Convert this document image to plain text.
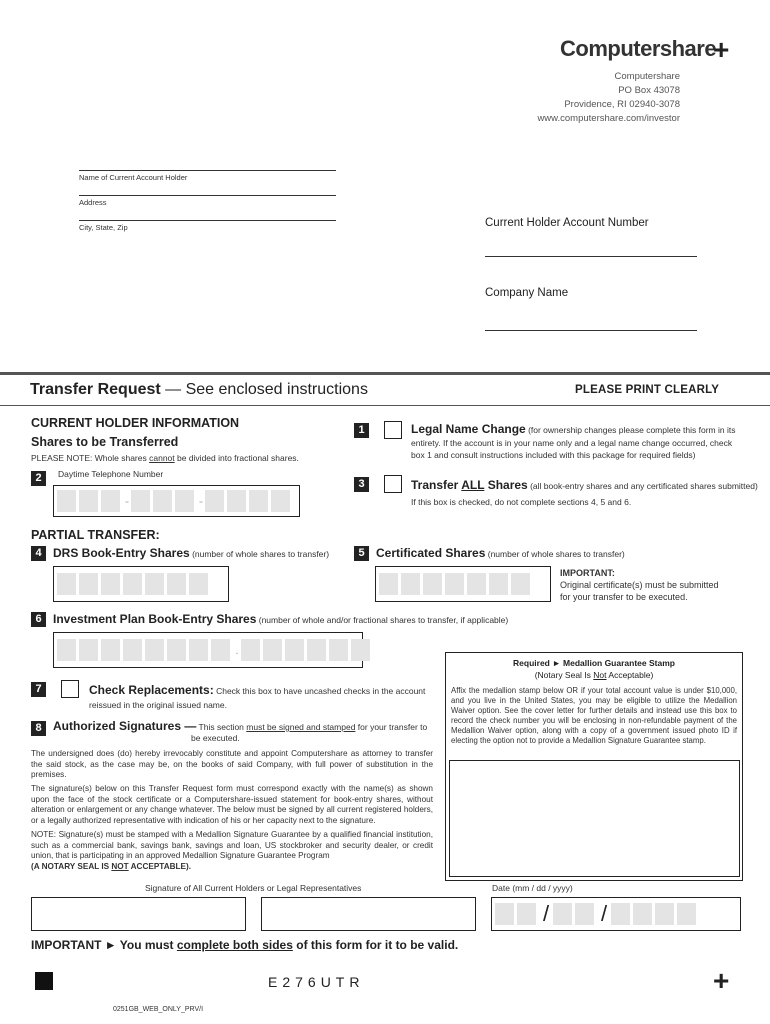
Computershare
+
Computershare
PO Box 43078
Providence, RI 02940-3078
www.computershare.com/investor
Name of Current Account Holder
Address
City, State, Zip	Current Holder Account Number
Company Name
Transfer Request — See enclosed instructions	PLEASE PRINT CLEARLY
CURRENT HOLDER INFORMATION
Shares to be Transferred
PLEASE NOTE: Whole shares cannot be divided into fractional shares.
2	Daytime Telephone Number
-	-
1	Legal Name Change (for ownership changes please complete this form in its
entirety. If the account is in your name only and a legal name change occurred, check
box 1 and consult instructions included with this package for required fields)
3	Transfer ALL Shares (all book-entry shares and any certificated shares submitted)
If this box is checked, do not complete sections 4, 5 and 6.
PARTIAL TRANSFER:
4 DRS Book-Entry Shares (number of whole shares to transfer)	5 Certificated Shares (number of whole shares to transfer)
IMPORTANT:
Original certificate(s) must be submitted
for your transfer to be executed.
6 Investment Plan Book-Entry Shares (number of whole and/or fractional shares to transfer, if applicable)
.
7	Check Replacements: Check this box to have uncashed checks in the account
reissued in the original issued name.
8 Authorized Signatures — This section must be signed and stamped for your transfer to
be executed.
The undersigned does (do) hereby irrevocably constitute and appoint Computershare as attorney to transfer the said stock, as the case may be, on the books of said Company, with full power of substitution in the premises.
The signature(s) below on this Transfer Request form must correspond exactly with the name(s) as shown upon the face of the stock certificate or a Computershare-issued statement for book-entry shares, without alteration or enlargement or any change whatever. The below must be signed by all current registered holders, or a legally authorized representative with indication of his or her capacity next to the signature.
NOTE: Signature(s) must be stamped with a Medallion Signature Guarantee by a qualified financial institution, such as a commercial bank, savings bank, savings and loan, US stockbroker and security dealer, or credit union, that is participating in an approved Medallion Signature Guarantee Program
(A NOTARY SEAL IS NOT ACCEPTABLE).
Required ► Medallion Guarantee Stamp
(Notary Seal Is Not Acceptable)
Affix the medallion stamp below OR if your total account value is under $10,000, and you live in the United States, you may be eligible to utilize the Medallion Waiver option. See the cover letter for further details and instead use this box to record the check number you will be enclosing in non-refundable payment of the Medallion Waiver option, along with a copy of a government issued photo ID if electing the option not to provide a Medallion Signature Guarantee stamp.
Signature of All Current Holders or Legal Representatives	Date (mm / dd / yyyy)
/ /
IMPORTANT ► You must complete both sides of this form for it to be valid.
E276UTR	+
0251GB_WEB_ONLY_PRV/I
